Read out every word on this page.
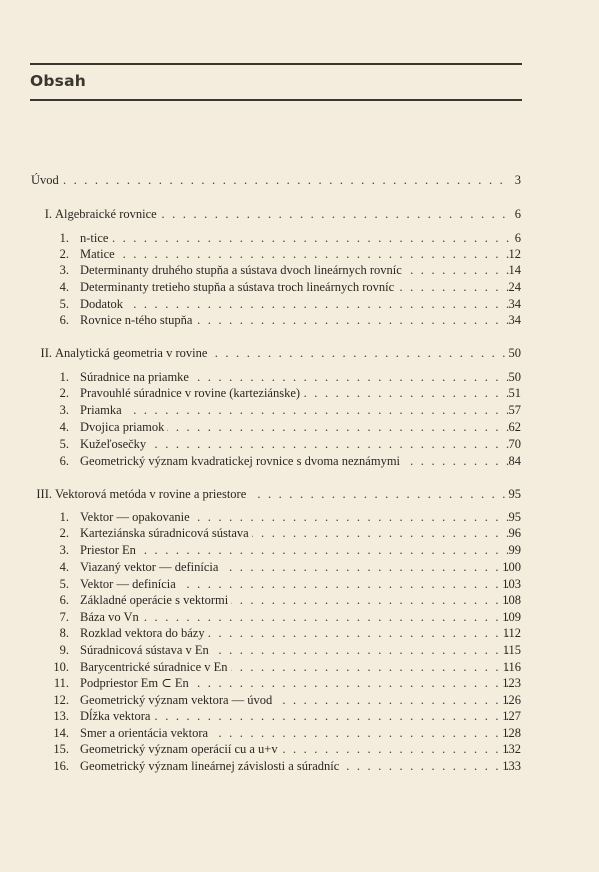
Obsah
Úvod . . .	3
I. Algebraické rovnice . . .	6
1. n-tice . . .	6
2. Matice . . .	12
3. Determinanty druhého stupňa a sústava dvoch lineárnych rovníc . . .	14
4. Determinanty tretieho stupňa a sústava troch lineárnych rovníc . . .	24
5. Dodatok . . .	34
6. Rovnice n-tého stupňa . . .	34
II. Analytická geometria v rovine . . .	50
1. Súradnice na priamke . . .	50
2. Pravouhlé súradnice v rovine (karteziánske) . . .	51
3. Priamka . . .	57
4. Dvojica priamok . . .	62
5. Kužeľosečky . . .	70
6. Geometrický význam kvadratickej rovnice s dvoma neznámymi . . .	84
III. Vektorová metóda v rovine a priestore . . .	95
1. Vektor — opakovanie . . .	95
2. Karteziánska súradnicová sústava . . .	96
3. Priestor En . . .	99
4. Viazaný vektor — definícia . . .	100
5. Vektor — definícia . . .	103
6. Základné operácie s vektormi . . .	108
7. Báza vo Vn . . .	109
8. Rozklad vektora do bázy . . .	112
9. Súradnicová sústava v En . . .	115
10. Barycentrické súradnice v En . . .	116
11. Podpriestor Em ⊂ En . . .	123
12. Geometrický význam vektora — úvod . . .	126
13. Dĺžka vektora . . .	127
14. Smer a orientácia vektora . . .	128
15. Geometrický význam operácií cu a u+v . . .	132
16. Geometrický význam lineárnej závislosti a súradníc . . .	133
